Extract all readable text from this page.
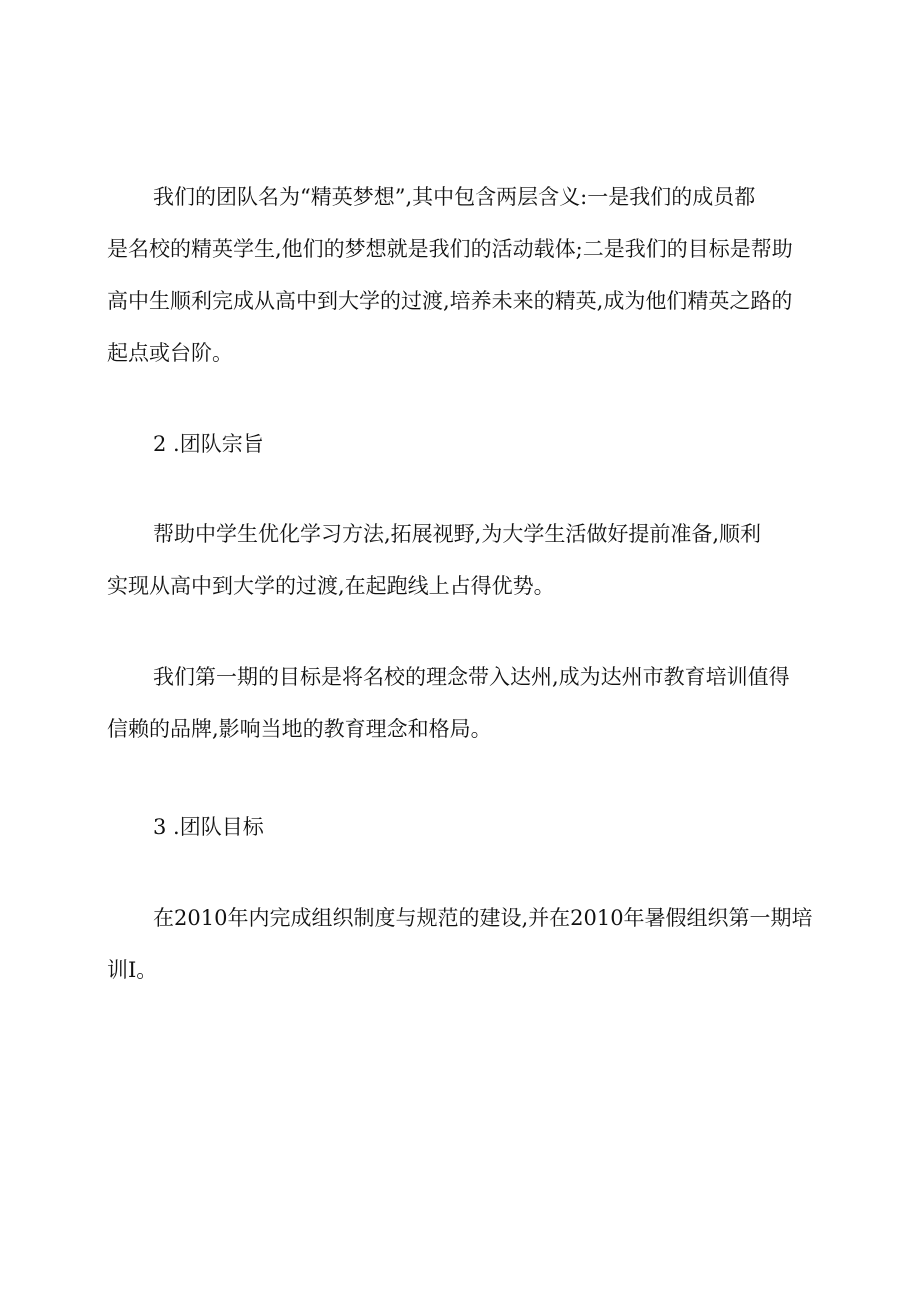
我们的团队名为“精英梦想”,其中包含两层含义:一是我们的成员都
是名校的精英学生,他们的梦想就是我们的活动载体;二是我们的目标是帮助
高中生顺利完成从高中到大学的过渡,培养未来的精英,成为他们精英之路的
起点或台阶。

2 .团队宗旨

帮助中学生优化学习方法,拓展视野,为大学生活做好提前准备,顺利
实现从高中到大学的过渡,在起跑线上占得优势。

我们第一期的目标是将名校的理念带入达州,成为达州市教育培训值得
信赖的品牌,影响当地的教育理念和格局。

3 .团队目标

在2010年内完成组织制度与规范的建设,并在2010年暑假组织第一期培
训I。
